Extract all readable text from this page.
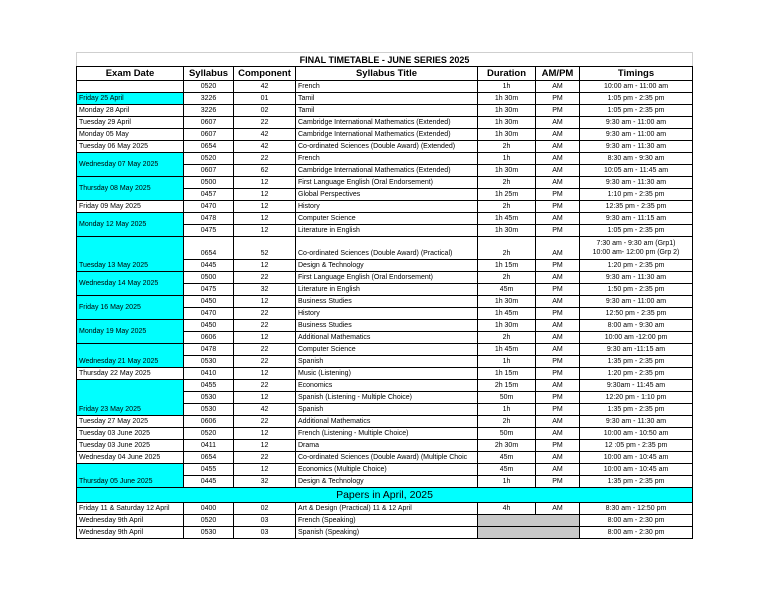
FINAL TIMETABLE - JUNE SERIES 2025						
Exam Date	Syllabus	Component	Syllabus Title	Duration	AM/PM	Timings
	0520	42	French	1h	AM	10:00 am - 11:00 am
Friday 25 April	3226	01	Tamil	1h 30m	PM	1:05 pm - 2:35 pm
Monday 28 April	3226	02	Tamil	1h 30m	PM	1:05 pm - 2:35 pm
Tuesday 29 April	0607	22	Cambridge International Mathematics (Extended)	1h 30m	AM	9:30 am - 11:00 am
Monday 05 May	0607	42	Cambridge International Mathematics (Extended)	1h 30m	AM	9:30 am - 11:00 am
Tuesday 06 May 2025	0654	42	Co-ordinated Sciences (Double Award) (Extended)	2h	AM	9:30 am - 11:30 am
Wednesday 07 May 2025	0520	22	French	1h	AM	8:30 am - 9:30 am
	0607	62	Cambridge International Mathematics (Extended)	1h 30m	AM	10:05 am - 11:45 am
Thursday 08 May 2025	0500	12	First Language English (Oral Endorsement)	2h	AM	9:30 am - 11:30 am
	0457	12	Global Perspectives	1h 25m	PM	1:10 pm - 2:35 pm
Friday 09 May 2025	0470	12	History	2h	PM	12:35 pm - 2:35 pm
Monday 12 May 2025	0478	12	Computer Science	1h 45m	AM	9:30 am - 11:15 am
	0475	12	Literature in English	1h 30m	PM	1:05 pm - 2:35 pm
Tuesday 13 May 2025	0654	52	Co-ordinated Sciences (Double Award) (Practical)	2h	AM	7:30 am - 9:30 am (Grp1)
10:00 am- 12:00 pm (Grp 2)

	0445	12	Design & Technology	1h 15m	PM	1:20 pm - 2:35 pm
Wednesday 14 May 2025	0500	22	First Language English (Oral Endorsement)	2h	AM	9:30 am - 11:30 am
	0475	32	Literature in English	45m	PM	1:50 pm - 2:35 pm
Friday 16 May 2025	0450	12	Business Studies	1h 30m	AM	9:30 am - 11:00 am
	0470	22	History	1h 45m	PM	12:50 pm - 2:35 pm
Monday 19 May 2025	0450	22	Business Studies	1h 30m	AM	8:00 am - 9:30 am
	0606	12	Additional Mathematics	2h	AM	10:00 am -12:00 pm
Wednesday 21 May 2025	0478	22	Computer Science	1h 45m	AM	9:30 am -11:15 am
	0530	22	Spanish	1h	PM	1:35 pm - 2:35 pm
Thursday 22 May 2025	0410	12	Music (Listening)	1h 15m	PM	1:20 pm - 2:35 pm
Friday 23 May 2025	0455	22	Economics	2h 15m	AM	9:30am - 11:45 am
	0530	12	Spanish (Listening - Multiple Choice)	50m	PM	12:20 pm - 1:10 pm
	0530	42	Spanish	1h	PM	1:35 pm - 2:35 pm
Tuesday 27 May 2025	0606	22	Additional Mathematics	2h	AM	9:30 am - 11:30 am
Tuesday 03 June 2025	0520	12	French (Listening - Multiple Choice)	50m	AM	10:00 am - 10:50 am
Tuesday 03 June 2025	0411	12	Drama	2h 30m	PM	12 :05 pm - 2:35 pm
Wednesday 04 June 2025	0654	22	Co-ordinated Sciences (Double Award) (Multiple Choic	45m	AM	10:00 am - 10:45 am
Thursday 05 June 2025	0455	12	Economics (Multiple Choice)	45m	AM	10:00 am - 10:45 am
	0445	32	Design & Technology	1h	PM	1:35 pm - 2:35 pm
Papers in April, 2025						
Friday 11 & Saturday 12 April	0400	02	Art & Design (Practical) 11 & 12 April	4h	AM	8:30 am - 12:50 pm
Wednesday 9th April	0520	03	French (Speaking)			8:00 am - 2:30 pm
Wednesday 9th April	0530	03	Spanish (Speaking)			8:00 am - 2:30 pm
